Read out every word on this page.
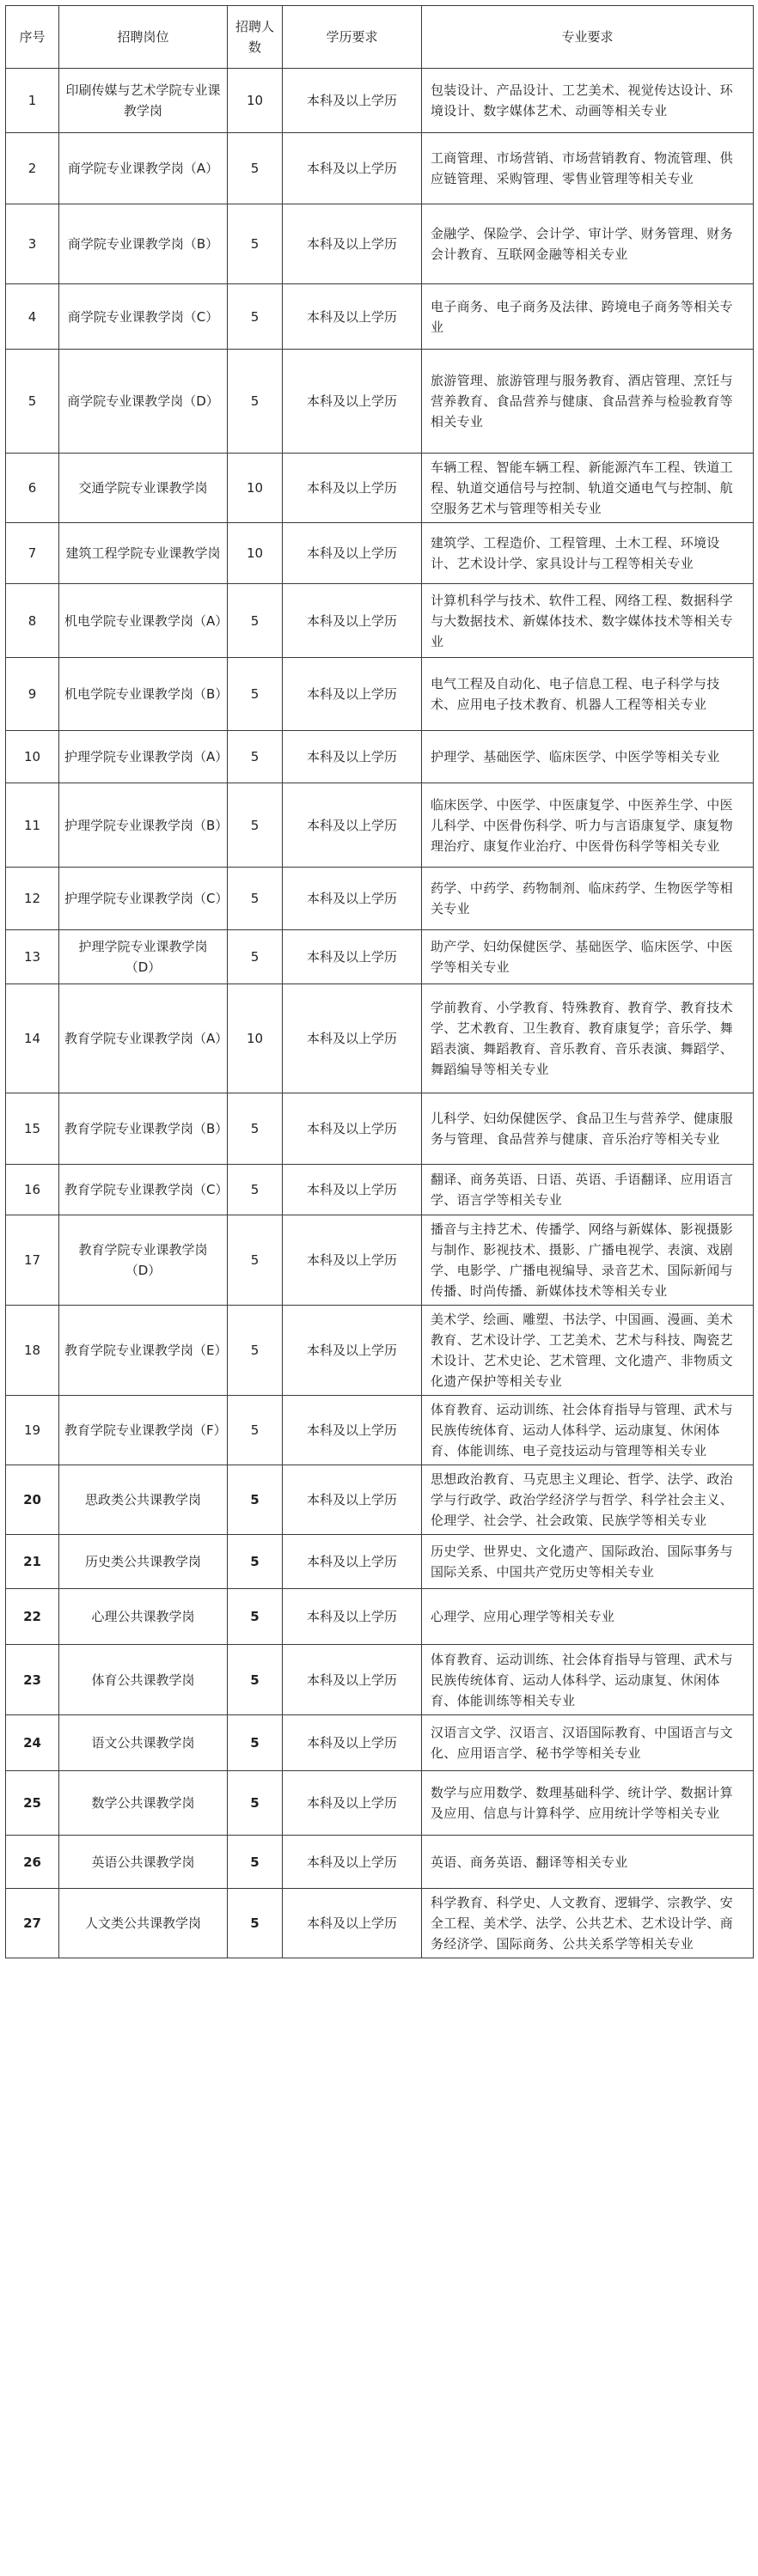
序号	招聘岗位	招聘人数	学历要求	专业要求
1	印刷传媒与艺术学院专业课教学岗	10	本科及以上学历	包装设计、产品设计、工艺美术、视觉传达设计、环境设计、数字媒体艺术、动画等相关专业
2	商学院专业课教学岗（A）	5	本科及以上学历	工商管理、市场营销、市场营销教育、物流管理、供应链管理、采购管理、零售业管理等相关专业
3	商学院专业课教学岗（B）	5	本科及以上学历	金融学、保险学、会计学、审计学、财务管理、财务会计教育、互联网金融等相关专业
4	商学院专业课教学岗（C）	5	本科及以上学历	电子商务、电子商务及法律、跨境电子商务等相关专业
5	商学院专业课教学岗（D）	5	本科及以上学历	旅游管理、旅游管理与服务教育、酒店管理、烹饪与营养教育、食品营养与健康、食品营养与检验教育等相关专业
6	交通学院专业课教学岗	10	本科及以上学历	车辆工程、智能车辆工程、新能源汽车工程、铁道工程、轨道交通信号与控制、轨道交通电气与控制、航空服务艺术与管理等相关专业
7	建筑工程学院专业课教学岗	10	本科及以上学历	建筑学、工程造价、工程管理、土木工程、环境设计、艺术设计学、家具设计与工程等相关专业
8	机电学院专业课教学岗（A）	5	本科及以上学历	计算机科学与技术、软件工程、网络工程、数据科学与大数据技术、新媒体技术、数字媒体技术等相关专业
9	机电学院专业课教学岗（B）	5	本科及以上学历	电气工程及自动化、电子信息工程、电子科学与技术、应用电子技术教育、机器人工程等相关专业
10	护理学院专业课教学岗（A）	5	本科及以上学历	护理学、基础医学、临床医学、中医学等相关专业
11	护理学院专业课教学岗（B）	5	本科及以上学历	临床医学、中医学、中医康复学、中医养生学、中医儿科学、中医骨伤科学、听力与言语康复学、康复物理治疗、康复作业治疗、中医骨伤科学等相关专业
12	护理学院专业课教学岗（C）	5	本科及以上学历	药学、中药学、药物制剂、临床药学、生物医学等相关专业
13	护理学院专业课教学岗（D）	5	本科及以上学历	助产学、妇幼保健医学、基础医学、临床医学、中医学等相关专业
14	教育学院专业课教学岗（A）	10	本科及以上学历	学前教育、小学教育、特殊教育、教育学、教育技术学、艺术教育、卫生教育、教育康复学；音乐学、舞蹈表演、舞蹈教育、音乐教育、音乐表演、舞蹈学、舞蹈编导等相关专业
15	教育学院专业课教学岗（B）	5	本科及以上学历	儿科学、妇幼保健医学、食品卫生与营养学、健康服务与管理、食品营养与健康、音乐治疗等相关专业
16	教育学院专业课教学岗（C）	5	本科及以上学历	翻译、商务英语、日语、英语、手语翻译、应用语言学、语言学等相关专业
17	教育学院专业课教学岗（D）	5	本科及以上学历	播音与主持艺术、传播学、网络与新媒体、影视摄影与制作、影视技术、摄影、广播电视学、表演、戏剧学、电影学、广播电视编导、录音艺术、国际新闻与传播、时尚传播、新媒体技术等相关专业
18	教育学院专业课教学岗（E）	5	本科及以上学历	美术学、绘画、雕塑、书法学、中国画、漫画、美术教育、艺术设计学、工艺美术、艺术与科技、陶瓷艺术设计、艺术史论、艺术管理、文化遗产、非物质文化遗产保护等相关专业
19	教育学院专业课教学岗（F）	5	本科及以上学历	体育教育、运动训练、社会体育指导与管理、武术与民族传统体育、运动人体科学、运动康复、休闲体育、体能训练、电子竞技运动与管理等相关专业
20	思政类公共课教学岗	5	本科及以上学历	思想政治教育、马克思主义理论、哲学、法学、政治学与行政学、政治学经济学与哲学、科学社会主义、伦理学、社会学、社会政策、民族学等相关专业
21	历史类公共课教学岗	5	本科及以上学历	历史学、世界史、文化遗产、国际政治、国际事务与国际关系、中国共产党历史等相关专业
22	心理公共课教学岗	5	本科及以上学历	心理学、应用心理学等相关专业
23	体育公共课教学岗	5	本科及以上学历	体育教育、运动训练、社会体育指导与管理、武术与民族传统体育、运动人体科学、运动康复、休闲体育、体能训练等相关专业
24	语文公共课教学岗	5	本科及以上学历	汉语言文学、汉语言、汉语国际教育、中国语言与文化、应用语言学、秘书学等相关专业
25	数学公共课教学岗	5	本科及以上学历	数学与应用数学、数理基础科学、统计学、数据计算及应用、信息与计算科学、应用统计学等相关专业
26	英语公共课教学岗	5	本科及以上学历	英语、商务英语、翻译等相关专业
27	人文类公共课教学岗	5	本科及以上学历	科学教育、科学史、人文教育、逻辑学、宗教学、安全工程、美术学、法学、公共艺术、艺术设计学、商务经济学、国际商务、公共关系学等相关专业
